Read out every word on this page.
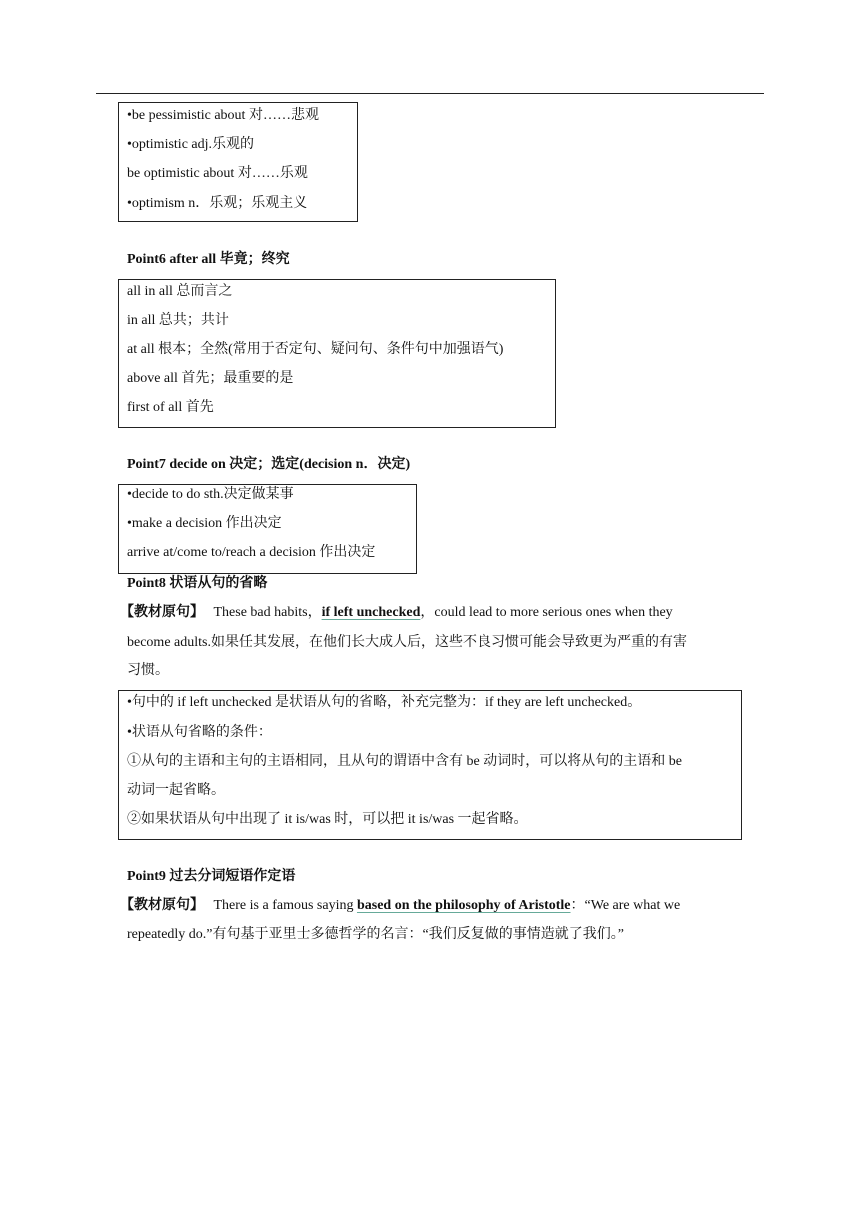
•be pessimistic about 对……悲观
•optimistic adj.乐观的
be optimistic about 对……乐观
•optimism n．乐观；乐观主义
Point6 after all 毕竟；终究
all in all 总而言之
in all 总共；共计
at all 根本；全然(常用于否定句、疑问句、条件句中加强语气)
above all 首先；最重要的是
first of all 首先
Point7 decide on 决定；选定(decision n．决定)
•decide to do sth.决定做某事
•make a decision 作出决定
arrive at/come to/reach a decision 作出决定
Point8 状语从句的省略
【教材原句】 These bad habits，if left unchecked，could lead to more serious ones when they
become adults.如果任其发展，在他们长大成人后，这些不良习惯可能会导致更为严重的有害
习惯。
•句中的 if left unchecked 是状语从句的省略，补充完整为：if they are left unchecked。
•状语从句省略的条件：
①从句的主语和主句的主语相同，且从句的谓语中含有 be 动词时，可以将从句的主语和 be
动词一起省略。
②如果状语从句中出现了 it is/was 时，可以把 it is/was 一起省略。
Point9 过去分词短语作定语
【教材原句】 There is a famous saying based on the philosophy of Aristotle：“We are what we
repeatedly do.”有句基于亚里士多德哲学的名言：“我们反复做的事情造就了我们。”
